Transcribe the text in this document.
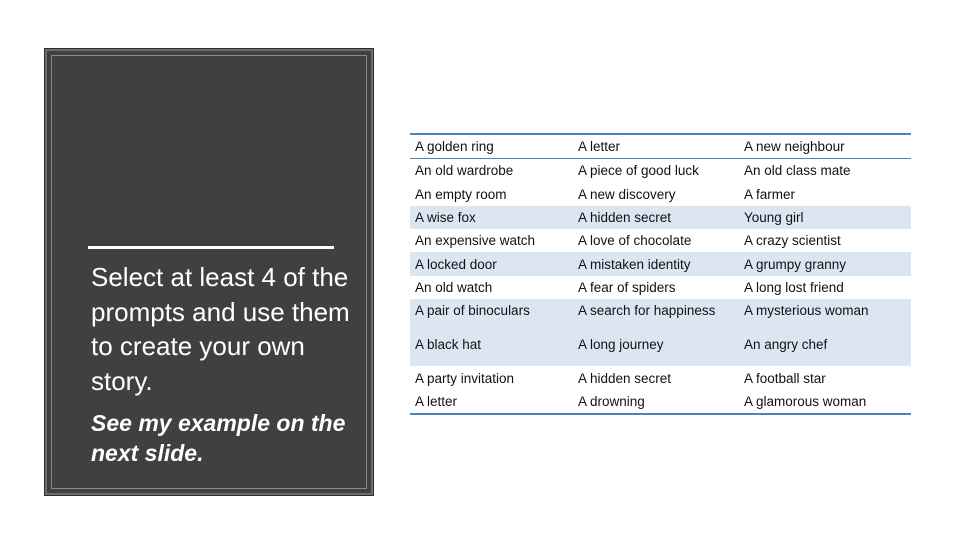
Select at least 4 of the prompts and use them to create your own story.
See my example on the next slide.
A golden ring	A letter	A new neighbour
An old wardrobe	A piece of good luck	An old class mate
An empty room	A new discovery	A farmer
A wise fox	A hidden secret	Young girl
An expensive watch	A love of chocolate	A crazy scientist
A locked door	A mistaken identity	A grumpy granny
An old watch	A fear of spiders	A long lost friend
A pair of binoculars	A search for happiness	A mysterious woman
A black hat	A long journey	An angry chef
A party invitation	A hidden secret	A football star
A letter	A drowning	A glamorous woman
